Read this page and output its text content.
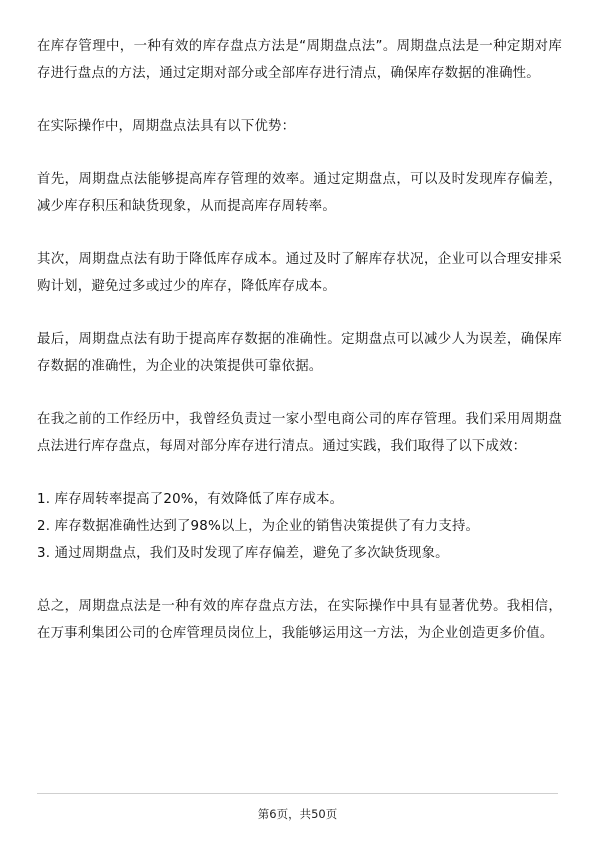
在库存管理中，一种有效的库存盘点方法是“周期盘点法”。周期盘点法是一种定期对库存进行盘点的方法，通过定期对部分或全部库存进行清点，确保库存数据的准确性。

在实际操作中，周期盘点法具有以下优势：

首先，周期盘点法能够提高库存管理的效率。通过定期盘点，可以及时发现库存偏差，减少库存积压和缺货现象，从而提高库存周转率。

其次，周期盘点法有助于降低库存成本。通过及时了解库存状况，企业可以合理安排采购计划，避免过多或过少的库存，降低库存成本。

最后，周期盘点法有助于提高库存数据的准确性。定期盘点可以减少人为误差，确保库存数据的准确性，为企业的决策提供可靠依据。

在我之前的工作经历中，我曾经负责过一家小型电商公司的库存管理。我们采用周期盘点法进行库存盘点，每周对部分库存进行清点。通过实践，我们取得了以下成效：

1. 库存周转率提高了20%，有效降低了库存成本。
2. 库存数据准确性达到了98%以上，为企业的销售决策提供了有力支持。
3. 通过周期盘点，我们及时发现了库存偏差，避免了多次缺货现象。

总之，周期盘点法是一种有效的库存盘点方法，在实际操作中具有显著优势。我相信，在万事利集团公司的仓库管理员岗位上，我能够运用这一方法，为企业创造更多价值。

第6页，共50页
